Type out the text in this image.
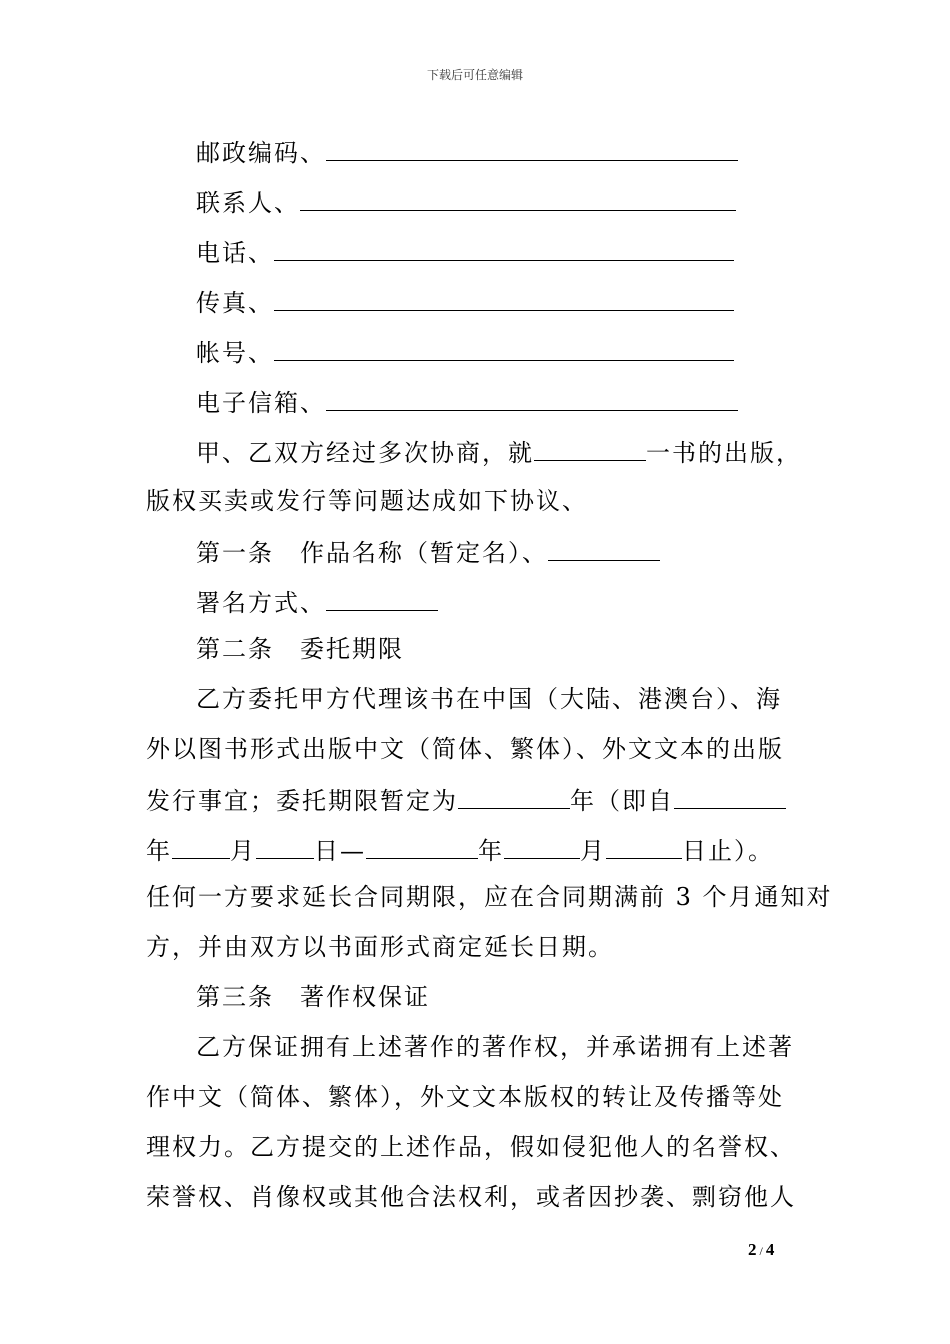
下载后可任意编辑
邮政编码、
联系人、
电话、
传真、
帐号、
电子信箱、
甲、乙双方经过多次协商，就	一书的出版，
版权买卖或发行等问题达成如下协议、
第一条　作品名称（暂定名）、
署名方式、
第二条　委托期限
乙方委托甲方代理该书在中国（大陆、港澳台）、海
外以图书形式出版中文（简体、繁体）、外文文本的出版
发行事宜；委托期限暂定为	年（即自
年 月 日—	年	月	日止）。
任何一方要求延长合同期限，应在合同期满前 3 个月通知对
方，并由双方以书面形式商定延长日期。
第三条　著作权保证
乙方保证拥有上述著作的著作权，并承诺拥有上述著
作中文（简体、繁体），外文文本版权的转让及传播等处
理权力。乙方提交的上述作品，假如侵犯他人的名誉权、
荣誉权、肖像权或其他合法权利，或者因抄袭、剽窃他人
2 / 4
